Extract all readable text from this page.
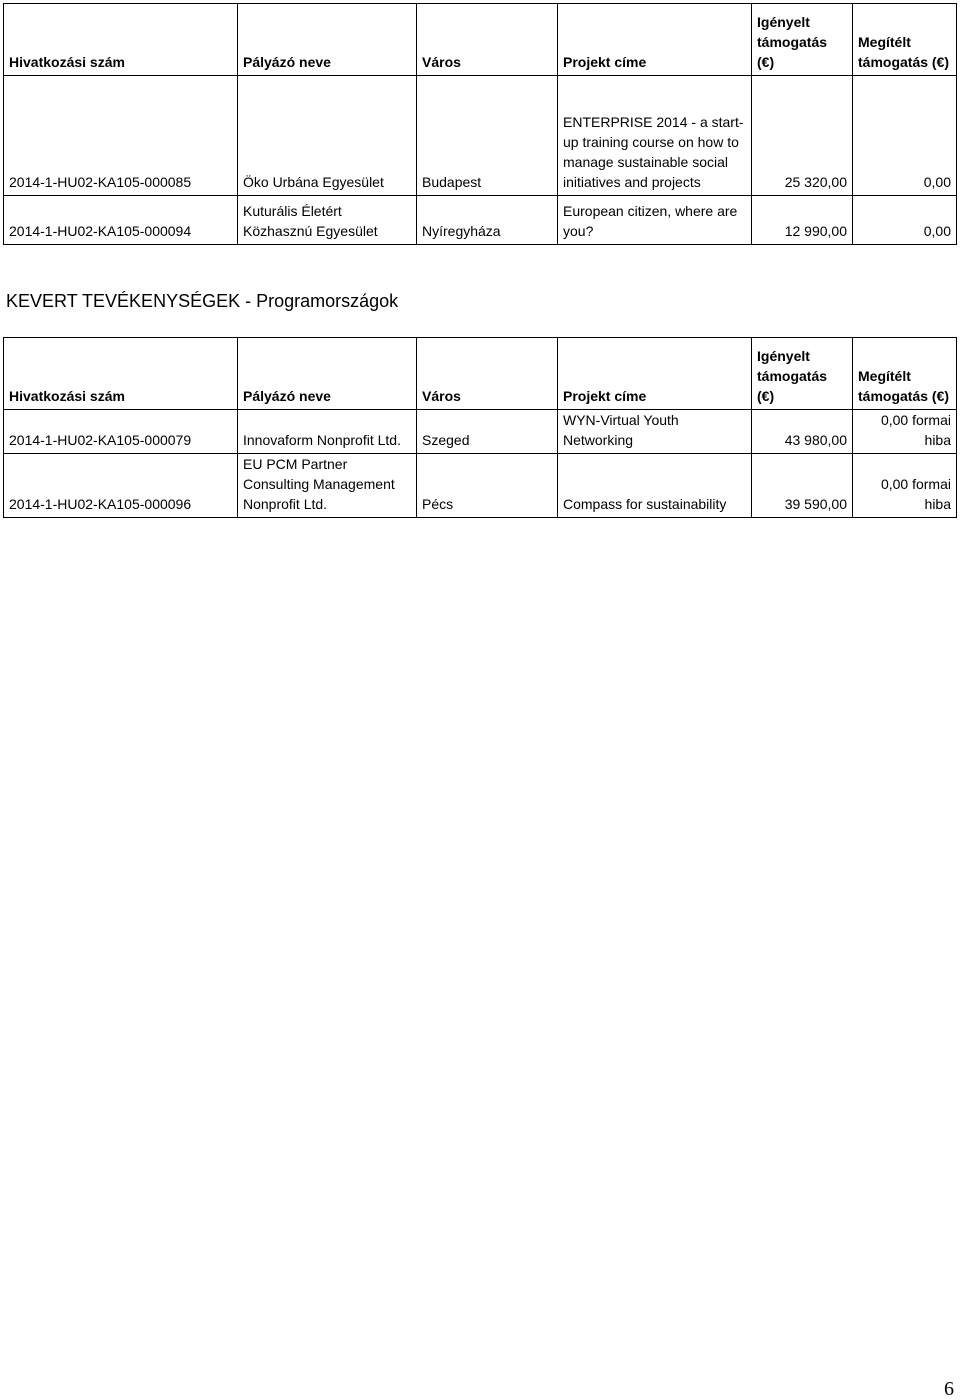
Hivatkozási szám	Pályázó neve	Város	Projekt címe	Igényelt támogatás (€)	Megítélt támogatás (€)
2014-1-HU02-KA105-000085	Öko Urbána Egyesület	Budapest	ENTERPRISE 2014 - a start-up training course on how to manage sustainable social initiatives and projects	25 320,00	0,00
2014-1-HU02-KA105-000094	Kuturális Életért Közhasznú Egyesület	Nyíregyháza	European citizen, where are you?	12 990,00	0,00
KEVERT TEVÉKENYSÉGEK - Programországok
Hivatkozási szám	Pályázó neve	Város	Projekt címe	Igényelt támogatás (€)	Megítélt támogatás (€)
2014-1-HU02-KA105-000079	Innovaform Nonprofit Ltd.	Szeged	WYN-Virtual Youth Networking	43 980,00	0,00 formai hiba
2014-1-HU02-KA105-000096	EU PCM Partner Consulting Management Nonprofit Ltd.	Pécs	Compass for sustainability	39 590,00	0,00 formai hiba
6
